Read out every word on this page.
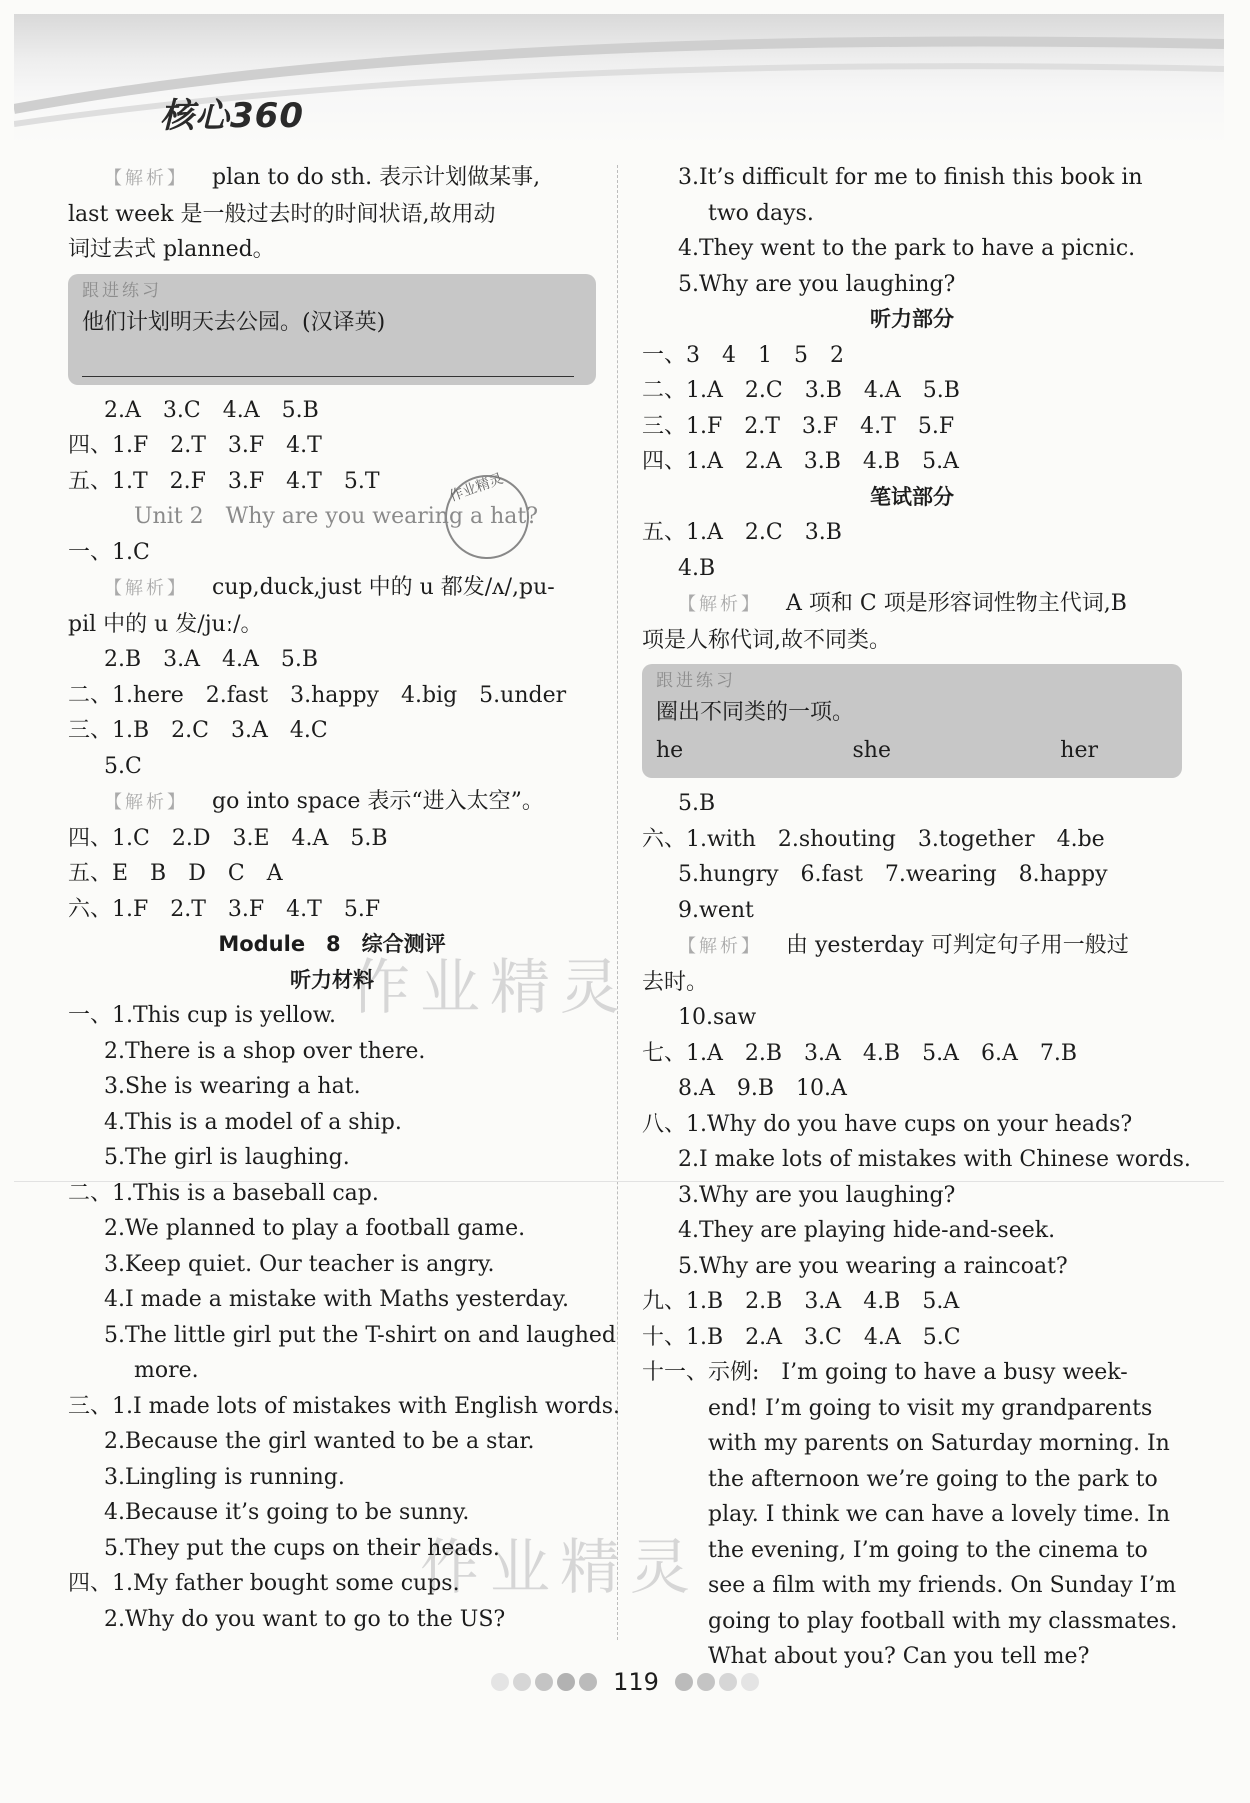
核心360
作业精灵
作业精灵
作业精灵
【 解析 】 plan to do sth. 表示计划做某事,
last week 是一般过去时的时间状语,故用动
词过去式 planned。
跟进练习
他们计划明天去公园。(汉译英)
2.A　3.C　4.A　5.B
四、1.F　2.T　3.F　4.T
五、1.T　2.F　3.F　4.T　5.T
Unit 2　Why are you wearing a hat?
一、1.C
【 解析 】 cup,duck,just 中的 u 都发/ʌ/,pu-
pil 中的 u 发/juː/。
2.B　3.A　4.A　5.B
二、1.here　2.fast　3.happy　4.big　5.under
三、1.B　2.C　3.A　4.C
5.C
【 解析 】 go into space 表示“进入太空”。
四、1.C　2.D　3.E　4.A　5.B
五、E　B　D　C　A
六、1.F　2.T　3.F　4.T　5.F
Module　8　综合测评
听力材料
一、1.This cup is yellow.
2.There is a shop over there.
3.She is wearing a hat.
4.This is a model of a ship.
5.The girl is laughing.
二、1.This is a baseball cap.
2.We planned to play a football game.
3.Keep quiet. Our teacher is angry.
4.I made a mistake with Maths yesterday.
5.The little girl put the T-shirt on and laughed
more.
三、1.I made lots of mistakes with English words.
2.Because the girl wanted to be a star.
3.Lingling is running.
4.Because it’s going to be sunny.
5.They put the cups on their heads.
四、1.My father bought some cups.
2.Why do you want to go to the US?
3.It’s difficult for me to finish this book in
two days.
4.They went to the park to have a picnic.
5.Why are you laughing?
听力部分
一、3　4　1　5　2
二、1.A　2.C　3.B　4.A　5.B
三、1.F　2.T　3.F　4.T　5.F
四、1.A　2.A　3.B　4.B　5.A
笔试部分
五、1.A　2.C　3.B
4.B
【 解析 】 A 项和 C 项是形容词性物主代词,B
项是人称代词,故不同类。
跟进练习
圈出不同类的一项。
he	she	her
5.B
六、1.with　2.shouting　3.together　4.be
5.hungry　6.fast　7.wearing　8.happy
9.went
【 解析 】 由 yesterday 可判定句子用一般过
去时。
10.saw
七、1.A　2.B　3.A　4.B　5.A　6.A　7.B
8.A　9.B　10.A
八、1.Why do you have cups on your heads?
2.I make lots of mistakes with Chinese words.
3.Why are you laughing?
4.They are playing hide-and-seek.
5.Why are you wearing a raincoat?
九、1.B　2.B　3.A　4.B　5.A
十、1.B　2.A　3.C　4.A　5.C
十一、示例:　I’m going to have a busy week-
end! I’m going to visit my grandparents
with my parents on Saturday morning. In
the afternoon we’re going to the park to
play. I think we can have a lovely time. In
the evening, I’m going to the cinema to
see a film with my friends. On Sunday I’m
going to play football with my classmates.
What about you? Can you tell me?
119
